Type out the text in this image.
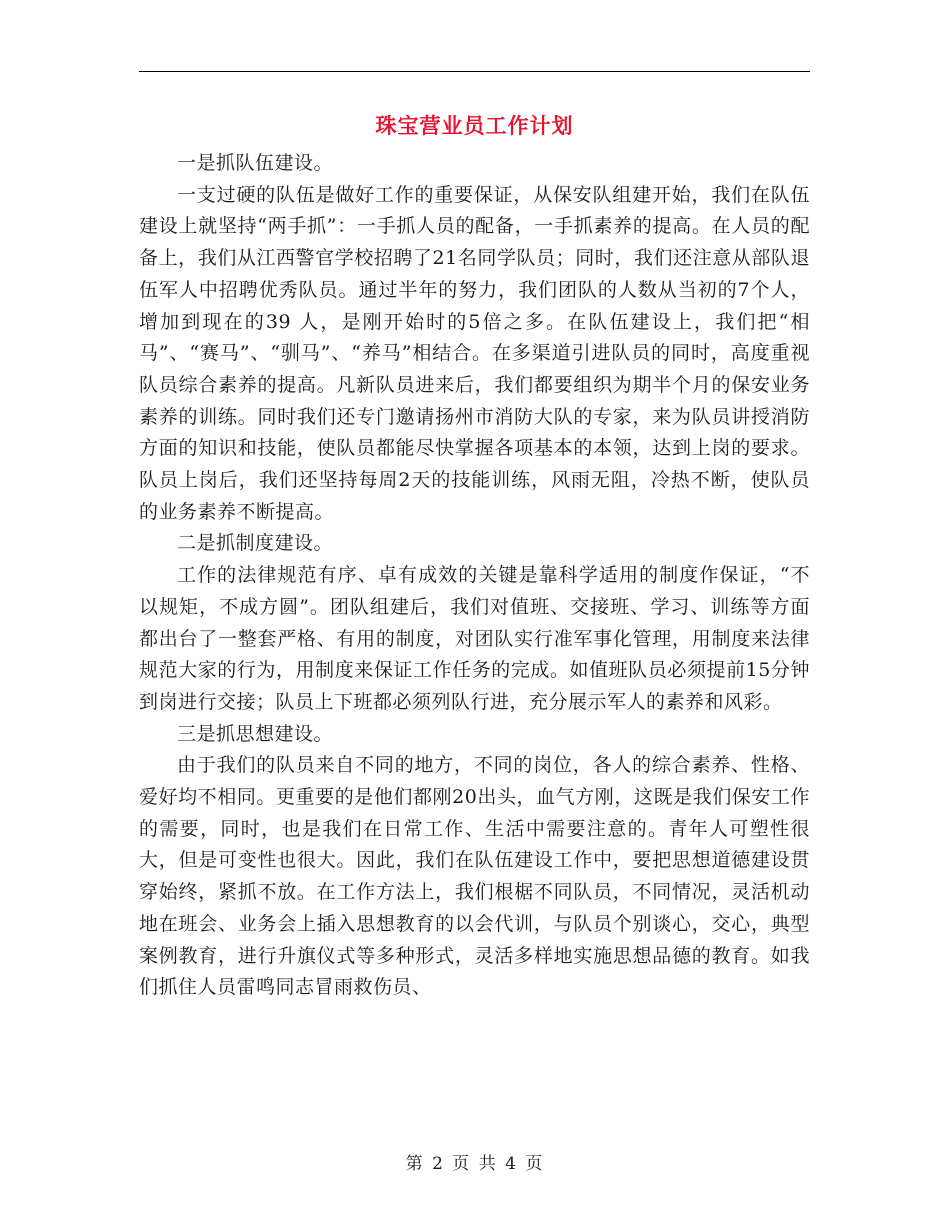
珠宝营业员工作计划

一是抓队伍建设。

一支过硬的队伍是做好工作的重要保证，从保安队组建开始，我们在队伍建设上就坚持“两手抓”：一手抓人员的配备，一手抓素养的提高。在人员的配备上，我们从江西警官学校招聘了21名同学队员；同时，我们还注意从部队退伍军人中招聘优秀队员。通过半年的努力，我们团队的人数从当初的7个人，增加到现在的39 人，是刚开始时的5倍之多。在队伍建设上，我们把“相马”、“赛马”、“驯马”、“养马”相结合。在多渠道引进队员的同时，高度重视队员综合素养的提高。凡新队员进来后，我们都要组织为期半个月的保安业务素养的训练。同时我们还专门邀请扬州市消防大队的专家，来为队员讲授消防方面的知识和技能，使队员都能尽快掌握各项基本的本领，达到上岗的要求。队员上岗后，我们还坚持每周2天的技能训练，风雨无阻，冷热不断，使队员的业务素养不断提高。

二是抓制度建设。

工作的法律规范有序、卓有成效的关键是靠科学适用的制度作保证，“不以规矩，不成方圆”。团队组建后，我们对值班、交接班、学习、训练等方面都出台了一整套严格、有用的制度，对团队实行准军事化管理，用制度来法律规范大家的行为，用制度来保证工作任务的完成。如值班队员必须提前15分钟到岗进行交接；队员上下班都必须列队行进，充分展示军人的素养和风彩。

三是抓思想建设。

由于我们的队员来自不同的地方，不同的岗位，各人的综合素养、性格、爱好均不相同。更重要的是他们都刚20出头，血气方刚，这既是我们保安工作的需要，同时，也是我们在日常工作、生活中需要注意的。青年人可塑性很大，但是可变性也很大。因此，我们在队伍建设工作中，要把思想道德建设贯穿始终，紧抓不放。在工作方法上，我们根椐不同队员，不同情况，灵活机动地在班会、业务会上插入思想教育的以会代训，与队员个别谈心，交心，典型案例教育，进行升旗仪式等多种形式，灵活多样地实施思想品德的教育。如我们抓住人员雷鸣同志冒雨救伤员、

第 2 页 共 4 页
